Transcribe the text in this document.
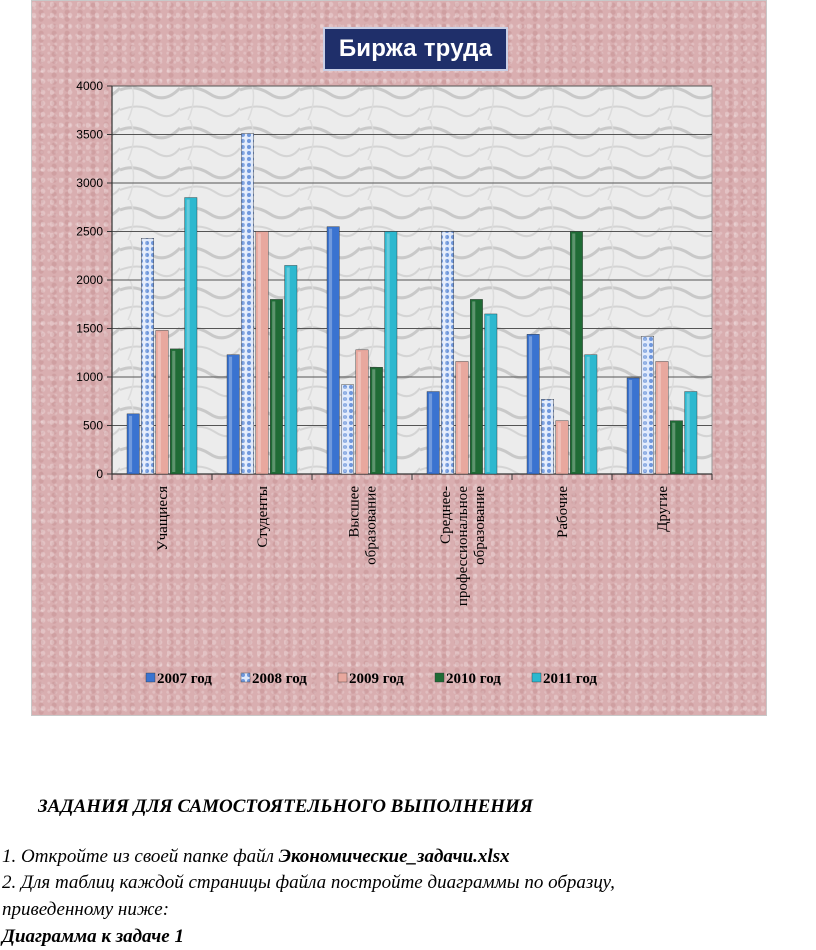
Биржа труда
0
500
1000
1500
2000
2500
3000
3500
4000
Учащиеся	Студенты	Высшееобразование	Среднее-профессиональноеобразование	Рабочие	Другие
2007 год	2008 год	2009 год	2010 год	2011 год
ЗАДАНИЯ ДЛЯ САМОСТОЯТЕЛЬНОГО ВЫПОЛНЕНИЯ
1. Откройте из своей папке файл Экономические_задачи.xlsx
2. Для таблиц каждой страницы файла постройте диаграммы по образцу,
приведенному ниже:
Диаграмма к задаче 1
